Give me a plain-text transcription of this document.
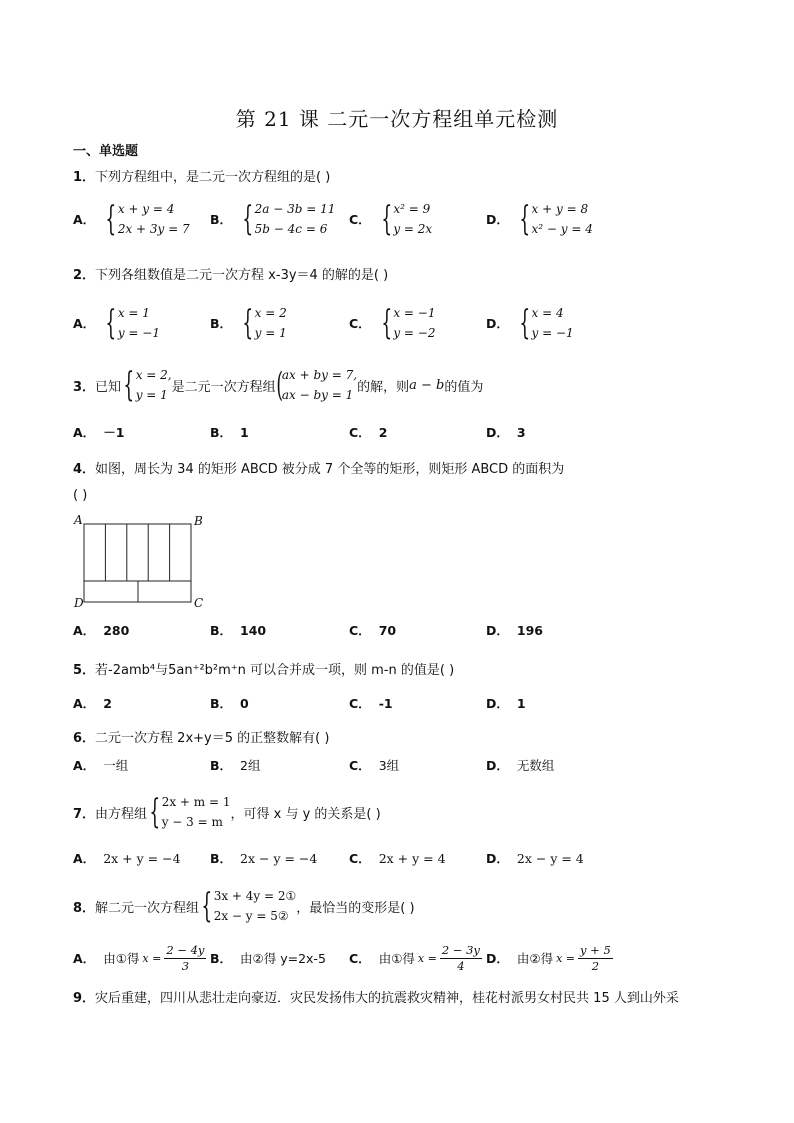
第 21 课 二元一次方程组单元检测
一、单选题
1．下列方程组中，是二元一次方程组的是( )
A． { x + y = 4
2x + 3y = 7
B． { 2a − 3b = 11
5b − 4c = 6
C． { x² = 9
y = 2x
D． { x + y = 8
x² − y = 4
2．下列各组数值是二元一次方程 x-3y＝4 的解的是( )
A． { x = 1
y = −1
B． { x = 2
y = 1
C． { x = −1
y = −2
D． { x = 4
y = −1
3． 已知 { x = 2,
y = 1
是二元一次方程组 ( ax + by = 7,
ax − by = 1
的解，则 a − b 的值为
A． －1	B． 1	C． 2	D． 3
4．如图，周长为 34 的矩形 ABCD 被分成 7 个全等的矩形，则矩形 ABCD 的面积为
( )
A	B
D	C
A． 280	B． 140	C． 70	D． 196
5．若-2amb⁴与5an⁺²b²m⁺n 可以合并成一项，则 m-n 的值是( )
A． 2	B． 0	C． -1	D． 1
6．二元一次方程 2x+y＝5 的正整数解有( )
A． 一组	B． 2组	C． 3组	D． 无数组
7． 由方程组 { 2x + m = 1
y − 3 = m
，可得 x 与 y 的关系是( )
A． 2x + y = −4 B． 2x − y = −4	C． 2x + y = 4	D． 2x − y = 4
8． 解二元一次方程组 { 3x + 4y = 2①
2x − y = 5②
，最恰当的变形是( )
A． 由①得 $x = \frac{2 - 4y}{3}$ B． 由②得 y=2x-5 C． 由①得 $x = \frac{2 - 3y}{4}$ D． 由②得 $x = \frac{y + 5}{2}$
9．灾后重建，四川从悲壮走向豪迈．灾民发扬伟大的抗震救灾精神，桂花村派男女村民共 15 人到山外采
